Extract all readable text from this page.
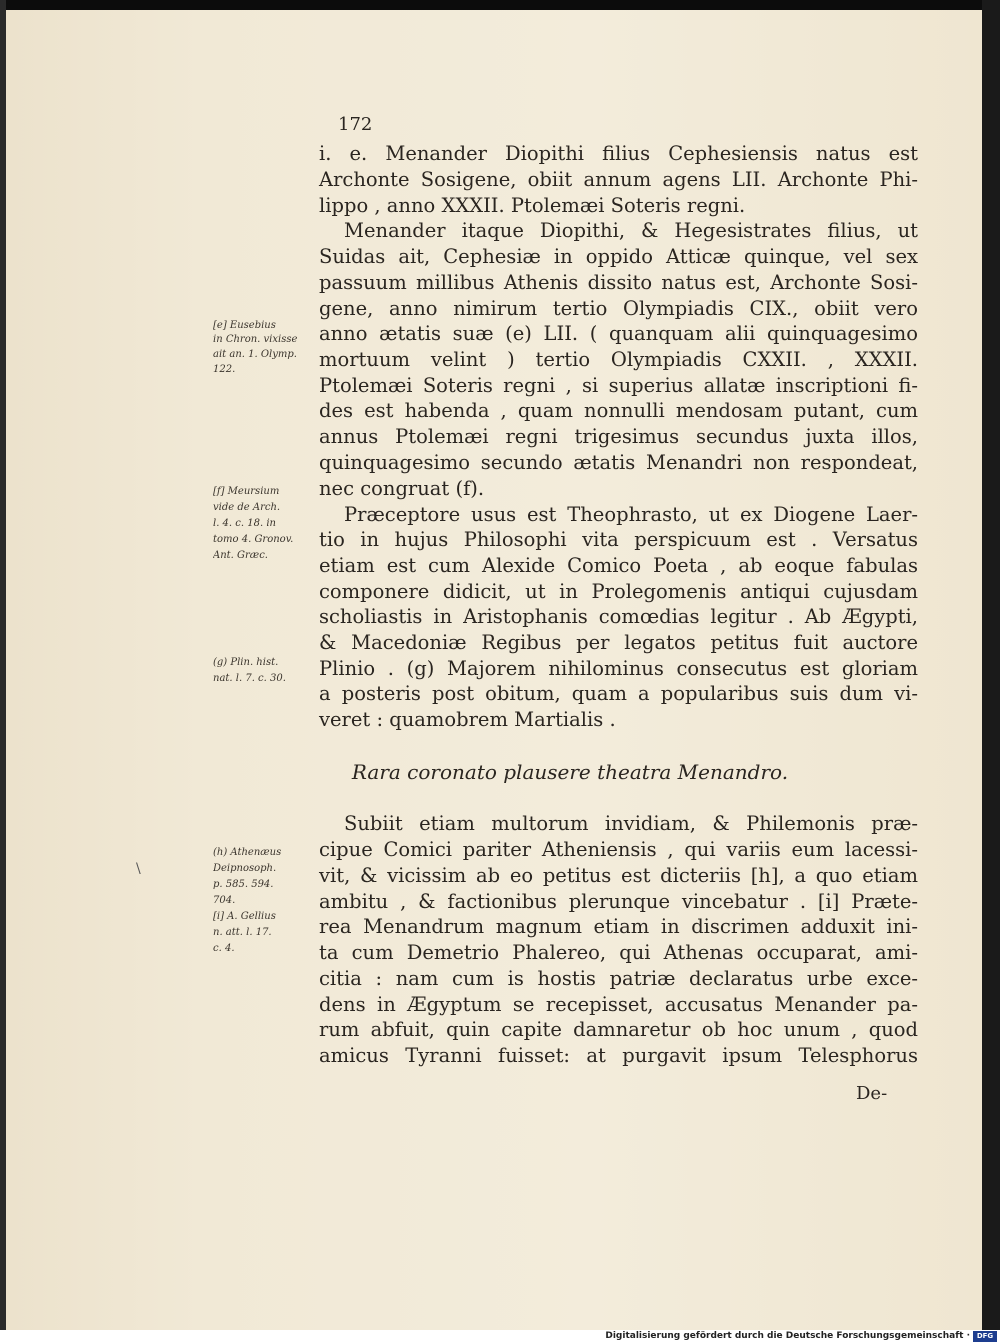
172
i. e. Menander Diopithi filius Cephesiensis natus est
Archonte Sosigene, obiit annum agens LII. Archonte Phi-
lippo , anno XXXII. Ptolemæi Soteris regni.
Menander itaque Diopithi, & Hegesistrates filius, ut
Suidas ait, Cephesiæ in oppido Atticæ quinque, vel sex
passuum millibus Athenis dissito natus est, Archonte Sosi-
gene, anno nimirum tertio Olympiadis CIX., obiit vero
anno ætatis suæ (e) LII. ( quanquam alii quinquagesimo
mortuum velint ) tertio Olympiadis CXXII. , XXXII.
Ptolemæi Soteris regni , si superius allatæ inscriptioni fi-
des est habenda , quam nonnulli mendosam putant, cum
annus Ptolemæi regni trigesimus secundus juxta illos,
quinquagesimo secundo ætatis Menandri non respondeat,
nec congruat (f).
Præceptore usus est Theophrasto, ut ex Diogene Laer-
tio in hujus Philosophi vita perspicuum est . Versatus
etiam est cum Alexide Comico Poeta , ab eoque fabulas
componere didicit, ut in Prolegomenis antiqui cujusdam
scholiastis in Aristophanis comœdias legitur . Ab Ægypti,
& Macedoniæ Regibus per legatos petitus fuit auctore
Plinio . (g) Majorem nihilominus consecutus est gloriam
a posteris post obitum, quam a popularibus suis dum vi-
veret : quamobrem Martialis .
Rara coronato plausere theatra Menandro.
Subiit etiam multorum invidiam, & Philemonis præ-
cipue Comici pariter Atheniensis , qui variis eum lacessi-
vit, & vicissim ab eo petitus est dicteriis [h], a quo etiam
ambitu , & factionibus plerunque vincebatur . [i] Præte-
rea Menandrum magnum etiam in discrimen adduxit ini-
ta cum Demetrio Phalereo, qui Athenas occuparat, ami-
citia : nam cum is hostis patriæ declaratus urbe exce-
dens in Ægyptum se recepisset, accusatus Menander pa-
rum abfuit, quin capite damnaretur ob hoc unum , quod
amicus Tyranni fuisset: at purgavit ipsum Telesphorus
De-
[e] Eusebius
in Chron. vixisse
ait an. 1. Olymp.
122.
[f] Meursium
vide de Arch.
l. 4. c. 18. in
tomo 4. Gronov.
Ant. Græc.
(g) Plin. hist.
nat. l. 7. c. 30.
(h) Athenæus
Deipnosoph.
p. 585. 594.
704.
[i] A. Gellius
n. att. l. 17.
c. 4.
\
Digitalisierung gefördert durch die Deutsche Forschungsgemeinschaft · DFG
